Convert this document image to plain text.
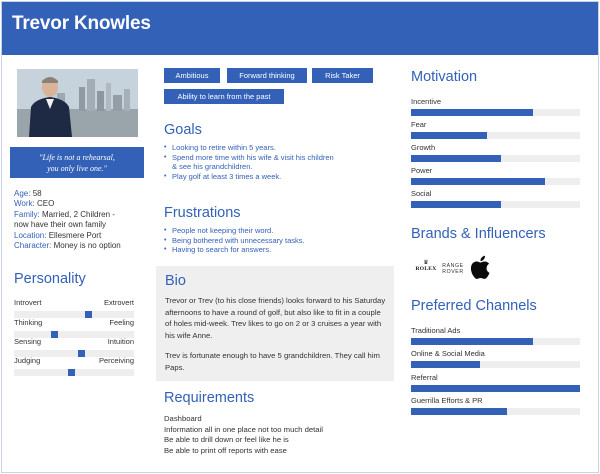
Trevor Knowles
"Life is not a rehearsal,
you only live one."
Age: 58
Work: CEO
Family: Married, 2 Children -
now have their own family
Location: Ellesmere Port
Character: Money is no option
Personality
Introvert	Extrovert
Thinking	Feeling
Sensing	Intuition
Judging	Perceiving
Ambitious	Forward thinking	Risk Taker
Ability to learn from the past
Goals
• Looking to retire within 5 years.
• Spend more time with his wife & visit his children
& see his grandchildren.
• Play golf at least 3 times a week.
Frustrations
• People not keeping their word.
• Being bothered with unnecessary tasks.
• Having to search for answers.
Bio
Trevor or Trev (to his close friends) looks forward to his Saturday
afternoons to have a round of golf, but also like to fit in a couple
of holes mid-week. Trev likes to go on 2 or 3 cruises a year with
his wife Anne.
Trev is fortunate enough to have 5 grandchildren. They call him
Paps.
Requirements
Dashboard
Information all in one place not too much detail
Be able to drill down or feel like he is
Be able to print off reports with ease
Motivation
Incentive
Fear
Growth
Power
Social
Brands & Influencers
♛
ROLEX	RANGE
ROVER
Preferred Channels
Traditional Ads
Online & Social Media
Referral
Guerrilla Efforts & PR
